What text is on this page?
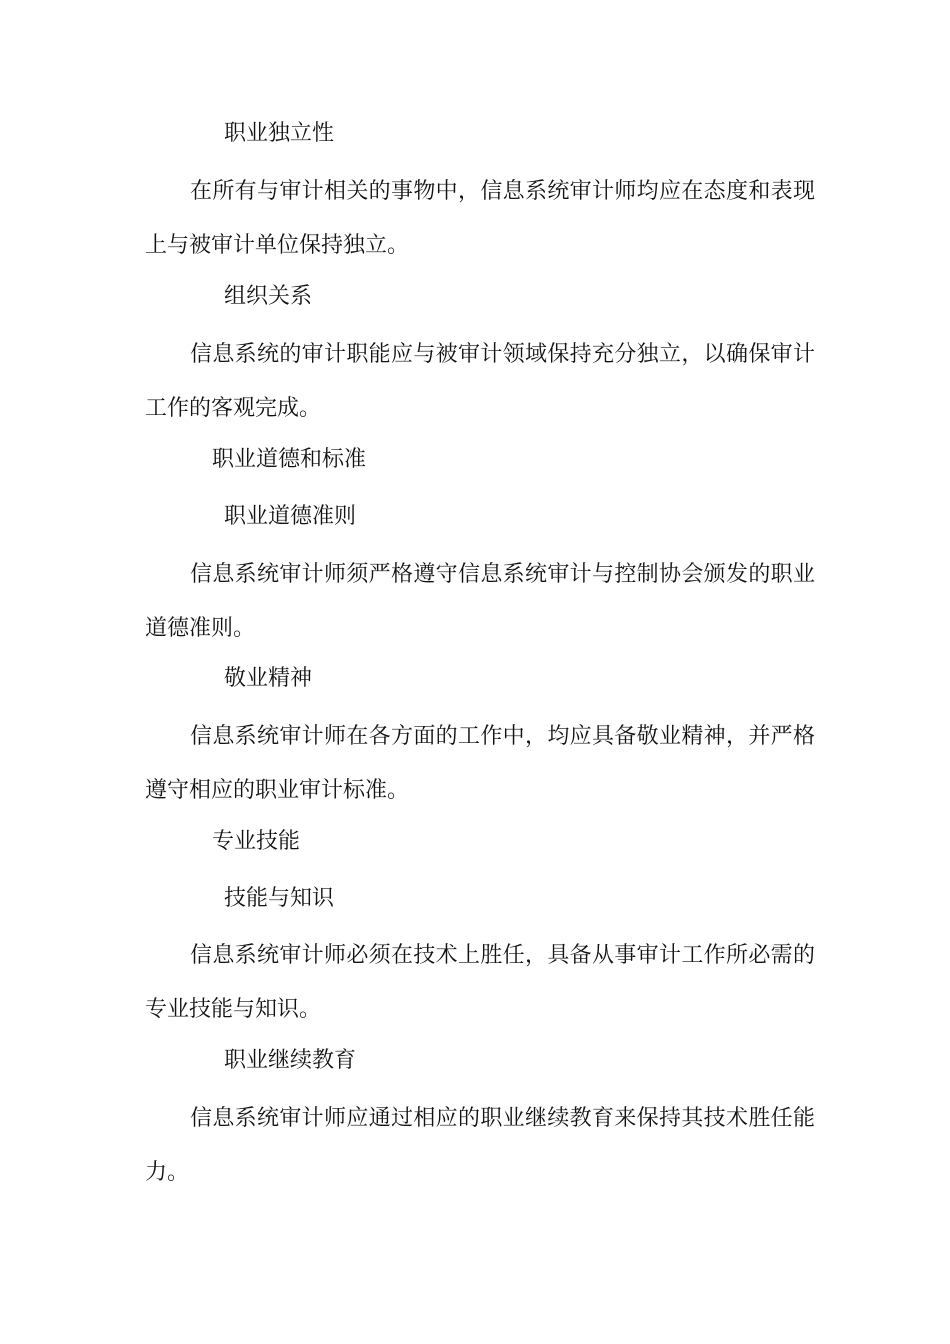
职业独立性

在所有与审计相关的事物中，信息系统审计师均应在态度和表现上与被审计单位保持独立。

组织关系

信息系统的审计职能应与被审计领域保持充分独立，以确保审计工作的客观完成。

职业道德和标准

职业道德准则

信息系统审计师须严格遵守信息系统审计与控制协会颁发的职业道德准则。

敬业精神

信息系统审计师在各方面的工作中，均应具备敬业精神，并严格遵守相应的职业审计标准。

专业技能

技能与知识

信息系统审计师必须在技术上胜任，具备从事审计工作所必需的专业技能与知识。

职业继续教育

信息系统审计师应通过相应的职业继续教育来保持其技术胜任能力。
